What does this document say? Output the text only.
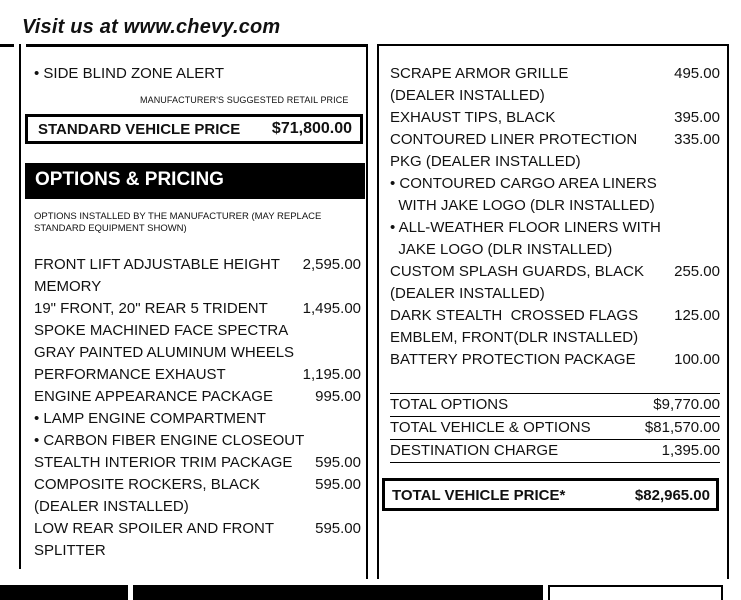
Visit us at www.chevy.com
• SIDE BLIND ZONE ALERT
MANUFACTURER'S SUGGESTED RETAIL PRICE
STANDARD VEHICLE PRICE $71,800.00
OPTIONS & PRICING
OPTIONS INSTALLED BY THE MANUFACTURER (MAY REPLACE STANDARD EQUIPMENT SHOWN)
FRONT LIFT ADJUSTABLE HEIGHT 2,595.00
MEMORY
19" FRONT, 20" REAR 5 TRIDENT 1,495.00
SPOKE MACHINED FACE SPECTRA
GRAY PAINTED ALUMINUM WHEELS
PERFORMANCE EXHAUST	1,195.00
ENGINE APPEARANCE PACKAGE	995.00
• LAMP ENGINE COMPARTMENT
• CARBON FIBER ENGINE CLOSEOUT
STEALTH INTERIOR TRIM PACKAGE 595.00
COMPOSITE ROCKERS, BLACK	595.00
(DEALER INSTALLED)
LOW REAR SPOILER AND FRONT	595.00
SPLITTER
SCRAPE ARMOR GRILLE	495.00
(DEALER INSTALLED)
EXHAUST TIPS, BLACK	395.00
CONTOURED LINER PROTECTION 335.00
PKG (DEALER INSTALLED)
• CONTOURED CARGO AREA LINERS
WITH JAKE LOGO (DLR INSTALLED)
• ALL-WEATHER FLOOR LINERS WITH
JAKE LOGO (DLR INSTALLED)
CUSTOM SPLASH GUARDS, BLACK 255.00
(DEALER INSTALLED)
DARK STEALTH  CROSSED FLAGS 125.00
EMBLEM, FRONT(DLR INSTALLED)
BATTERY PROTECTION PACKAGE	100.00
TOTAL OPTIONS	$9,770.00
TOTAL VEHICLE & OPTIONS	$81,570.00
DESTINATION CHARGE	1,395.00
TOTAL VEHICLE PRICE*	$82,965.00
